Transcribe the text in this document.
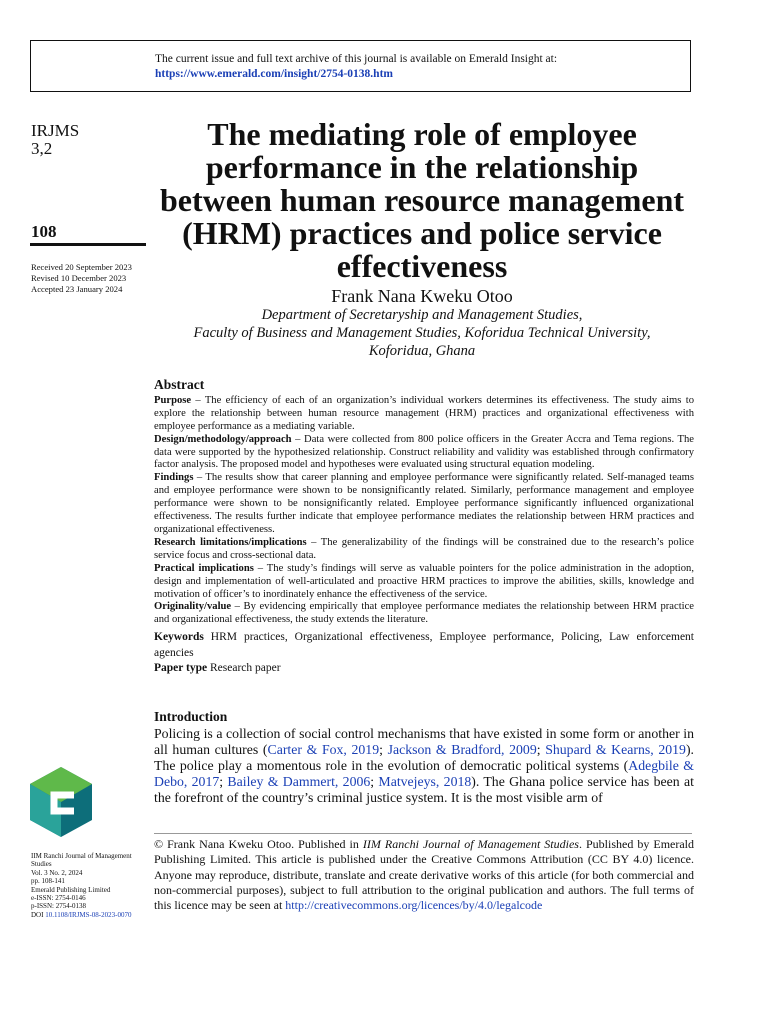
The current issue and full text archive of this journal is available on Emerald Insight at:
https://www.emerald.com/insight/2754-0138.htm
IRJMS
3,2
108
Received 20 September 2023
Revised 10 December 2023
Accepted 23 January 2024
The mediating role of employee performance in the relationship between human resource management (HRM) practices and police service effectiveness
Frank Nana Kweku Otoo
Department of Secretaryship and Management Studies,
Faculty of Business and Management Studies, Koforidua Technical University,
Koforidua, Ghana
Abstract

Purpose – The efficiency of each of an organization’s individual workers determines its effectiveness. The study aims to explore the relationship between human resource management (HRM) practices and organizational effectiveness with employee performance as a mediating variable.

Design/methodology/approach – Data were collected from 800 police officers in the Greater Accra and Tema regions. The data were supported by the hypothesized relationship. Construct reliability and validity was established through confirmatory factor analysis. The proposed model and hypotheses were evaluated using structural equation modeling.

Findings – The results show that career planning and employee performance were significantly related. Self-managed teams and employee performance were shown to be nonsignificantly related. Similarly, performance management and employee performance were shown to be nonsignificantly related. Employee performance significantly influenced organizational effectiveness. The results further indicate that employee performance mediates the relationship between HRM practices and organizational effectiveness.

Research limitations/implications – The generalizability of the findings will be constrained due to the research’s police service focus and cross-sectional data.

Practical implications – The study’s findings will serve as valuable pointers for the police administration in the adoption, design and implementation of well-articulated and proactive HRM practices to improve the abilities, skills, knowledge and motivation of officer’s to inordinately enhance the effectiveness of the service.

Originality/value – By evidencing empirically that employee performance mediates the relationship between HRM practice and organizational effectiveness, the study extends the literature.

Keywords HRM practices, Organizational effectiveness, Employee performance, Policing, Law enforcement agencies

Paper type Research paper

Introduction

Policing is a collection of social control mechanisms that have existed in some form or another in all human cultures (Carter & Fox, 2019; Jackson & Bradford, 2009; Shupard & Kearns, 2019). The police play a momentous role in the evolution of democratic political systems (Adegbile & Debo, 2017; Bailey & Dammert, 2006; Matvejeys, 2018). The Ghana police service has been at the forefront of the country’s criminal justice system. It is the most visible arm of

IIM Ranchi Journal of Management Studies
Vol. 3 No. 2, 2024
pp. 108-141
Emerald Publishing Limited
e-ISSN: 2754-0146
p-ISSN: 2754-0138
DOI 10.1108/IRJMS-08-2023-0070

© Frank Nana Kweku Otoo. Published in IIM Ranchi Journal of Management Studies. Published by Emerald Publishing Limited. This article is published under the Creative Commons Attribution (CC BY 4.0) licence. Anyone may reproduce, distribute, translate and create derivative works of this article (for both commercial and non-commercial purposes), subject to full attribution to the original publication and authors. The full terms of this licence may be seen at http://creativecommons.org/licences/by/4.0/legalcode
